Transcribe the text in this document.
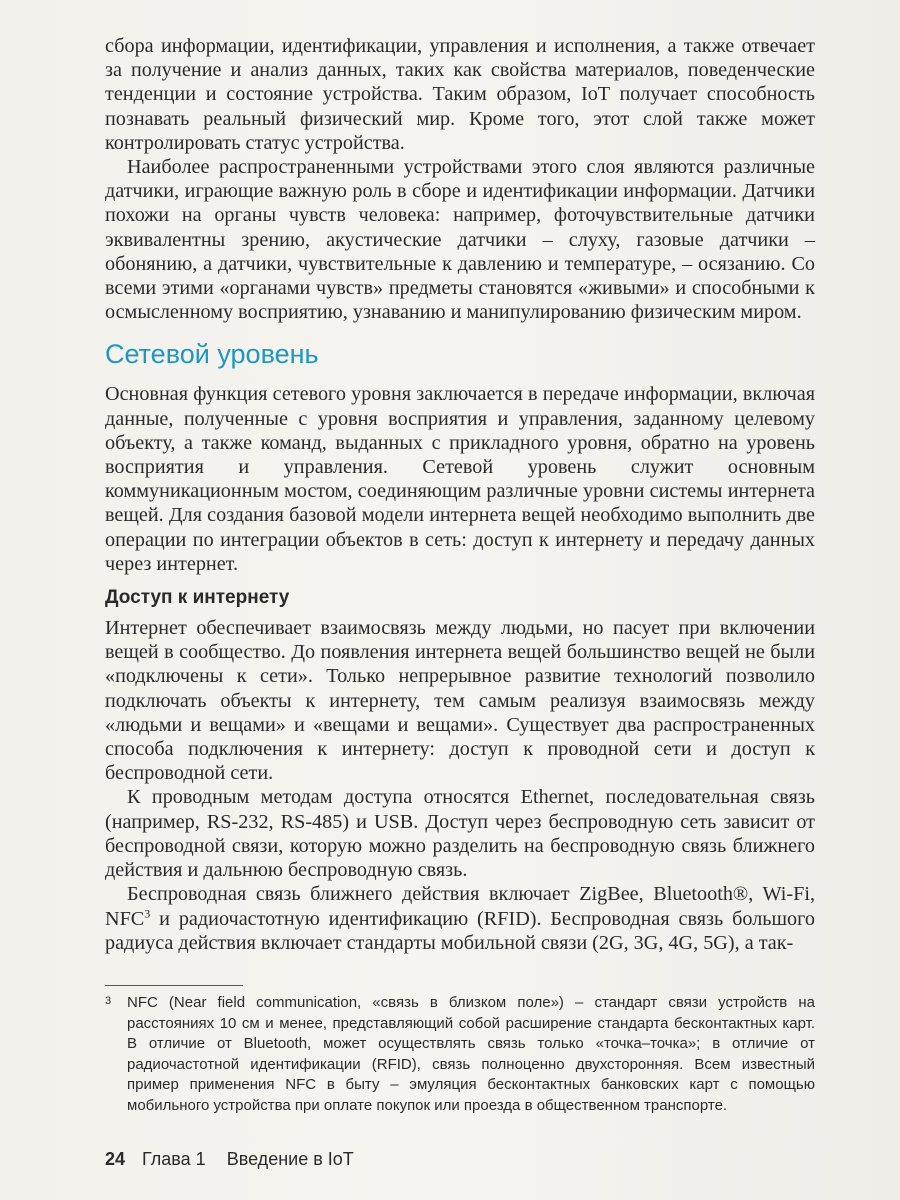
сбора информации, идентификации, управления и исполнения, а также отвечает за получение и анализ данных, таких как свойства материалов, поведенческие тенденции и состояние устройства. Таким образом, IoT получает способность познавать реальный физический мир. Кроме того, этот слой также может контролировать статус устройства.

Наиболее распространенными устройствами этого слоя являются различные датчики, играющие важную роль в сборе и идентификации информации. Датчики похожи на органы чувств человека: например, фоточувствительные датчики эквивалентны зрению, акустические датчики – слуху, газовые датчики – обонянию, а датчики, чувствительные к давлению и температуре, – осязанию. Со всеми этими «органами чувств» предметы становятся «живыми» и способными к осмысленному восприятию, узнаванию и манипулированию физическим миром.

Сетевой уровень

Основная функция сетевого уровня заключается в передаче информации, включая данные, полученные с уровня восприятия и управления, заданному целевому объекту, а также команд, выданных с прикладного уровня, обратно на уровень восприятия и управления. Сетевой уровень служит основным коммуникационным мостом, соединяющим различные уровни системы интернета вещей. Для создания базовой модели интернета вещей необходимо выполнить две операции по интеграции объектов в сеть: доступ к интернету и передачу данных через интернет.

Доступ к интернету

Интернет обеспечивает взаимосвязь между людьми, но пасует при включении вещей в сообщество. До появления интернета вещей большинство вещей не были «подключены к сети». Только непрерывное развитие технологий позволило подключать объекты к интернету, тем самым реализуя взаимосвязь между «людьми и вещами» и «вещами и вещами». Существует два распространенных способа подключения к интернету: доступ к проводной сети и доступ к беспроводной сети.

К проводным методам доступа относятся Ethernet, последовательная связь (например, RS-232, RS-485) и USB. Доступ через беспроводную сеть зависит от беспроводной связи, которую можно разделить на беспроводную связь ближнего действия и дальнюю беспроводную связь.

Беспроводная связь ближнего действия включает ZigBee, Bluetooth®, Wi-Fi, NFC$^3$ и радиочастотную идентификацию (RFID). Беспроводная связь большого радиуса действия включает стандарты мобильной связи (2G, 3G, 4G, 5G), а так-

3 NFC (Near field communication, «связь в близком поле») – стандарт связи устройств на расстояниях 10 см и менее, представляющий собой расширение стандарта бесконтактных карт. В отличие от Bluetooth, может осуществлять связь только «точка–точка»; в отличие от радиочастотной идентификации (RFID), связь полноценно двухсторонняя. Всем известный пример применения NFC в быту – эмуляция бесконтактных банковских карт с помощью мобильного устройства при оплате покупок или проезда в общественном транспорте.
24 Глава 1 Введение в IoT
